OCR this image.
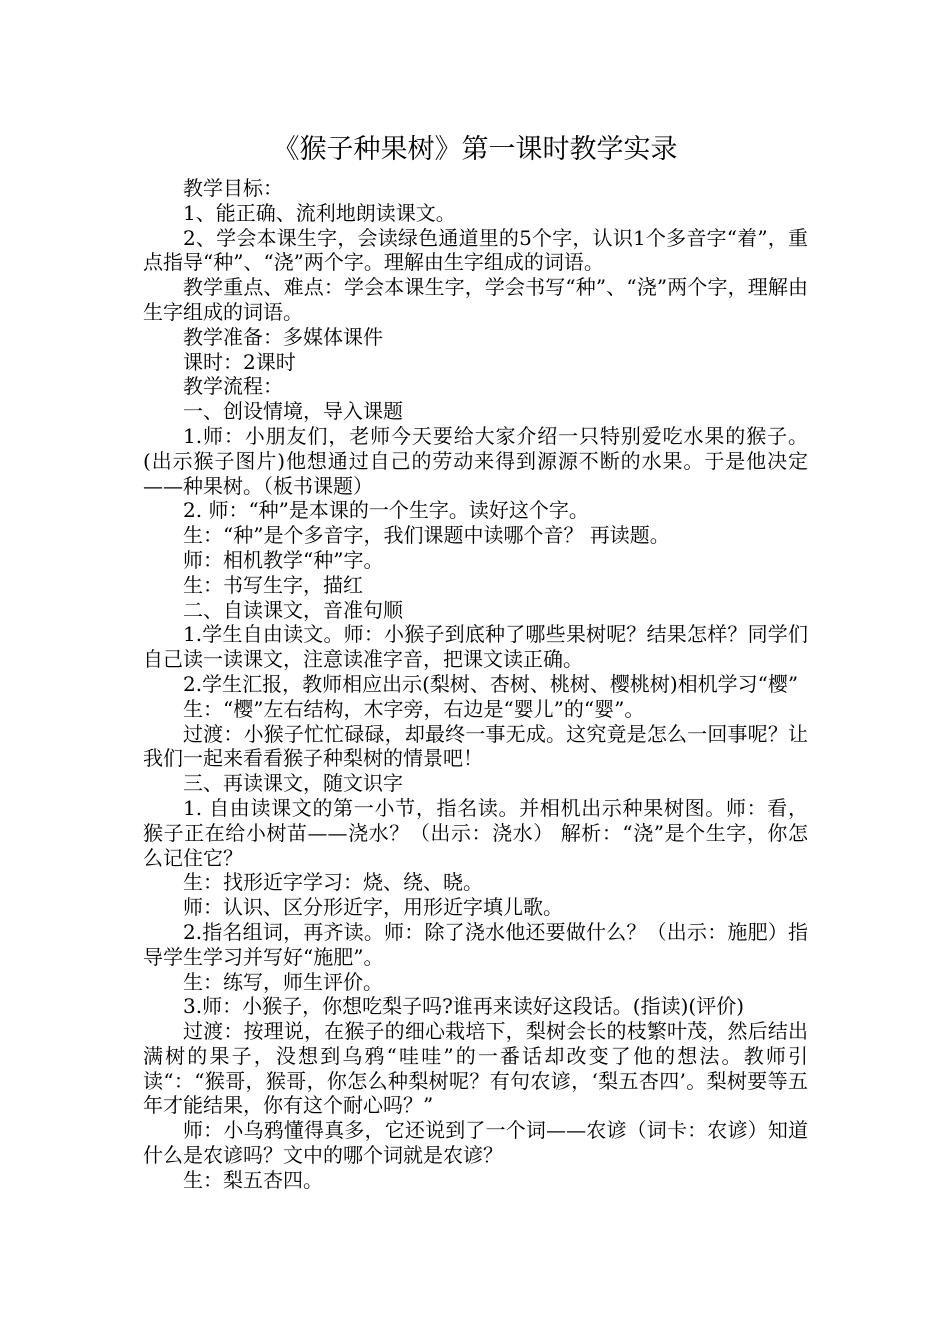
《猴子种果树》第一课时教学实录

教学目标：

1、能正确、流利地朗读课文。

2、学会本课生字，会读绿色通道里的5个字，认识1个多音字“着”，重点指导“种”、“浇”两个字。理解由生字组成的词语。

教学重点、难点：学会本课生字，学会书写“种”、“浇”两个字，理解由生字组成的词语。

教学准备：多媒体课件

课时：2课时

教学流程：

一、创设情境，导入课题

1.师：小朋友们，老师今天要给大家介绍一只特别爱吃水果的猴子。(出示猴子图片)他想通过自己的劳动来得到源源不断的水果。于是他决定——种果树。（板书课题）

2. 师：“种”是本课的一个生字。读好这个字。

生：“种”是个多音字，我们课题中读哪个音？ 再读题。

师：相机教学“种”字。

生：书写生字，描红

二、自读课文，音准句顺

1.学生自由读文。师：小猴子到底种了哪些果树呢？结果怎样？同学们自己读一读课文，注意读准字音，把课文读正确。

2.学生汇报，教师相应出示(梨树、杏树、桃树、樱桃树)相机学习“樱”

生：“樱”左右结构，木字旁，右边是“婴儿”的“婴”。

过渡：小猴子忙忙碌碌，却最终一事无成。这究竟是怎么一回事呢？让我们一起来看看猴子种梨树的情景吧！

三、再读课文，随文识字

1. 自由读课文的第一小节，指名读。并相机出示种果树图。师：看，猴子正在给小树苗——浇水？（出示：浇水） 解析：“浇”是个生字，你怎么记住它？

生：找形近字学习：烧、绕、晓。

师：认识、区分形近字，用形近字填儿歌。

2.指名组词，再齐读。师：除了浇水他还要做什么？（出示：施肥）指导学生学习并写好“施肥”。

生：练写，师生评价。

3.师：小猴子，你想吃梨子吗?谁再来读好这段话。(指读)(评价)

过渡：按理说，在猴子的细心栽培下，梨树会长的枝繁叶茂，然后结出满树的果子，没想到乌鸦“哇哇”的一番话却改变了他的想法。教师引读“：“猴哥，猴哥，你怎么种梨树呢？有句农谚，‘梨五杏四’。梨树要等五年才能结果，你有这个耐心吗？”

师：小乌鸦懂得真多，它还说到了一个词——农谚（词卡：农谚）知道什么是农谚吗？文中的哪个词就是农谚？

生：梨五杏四。
